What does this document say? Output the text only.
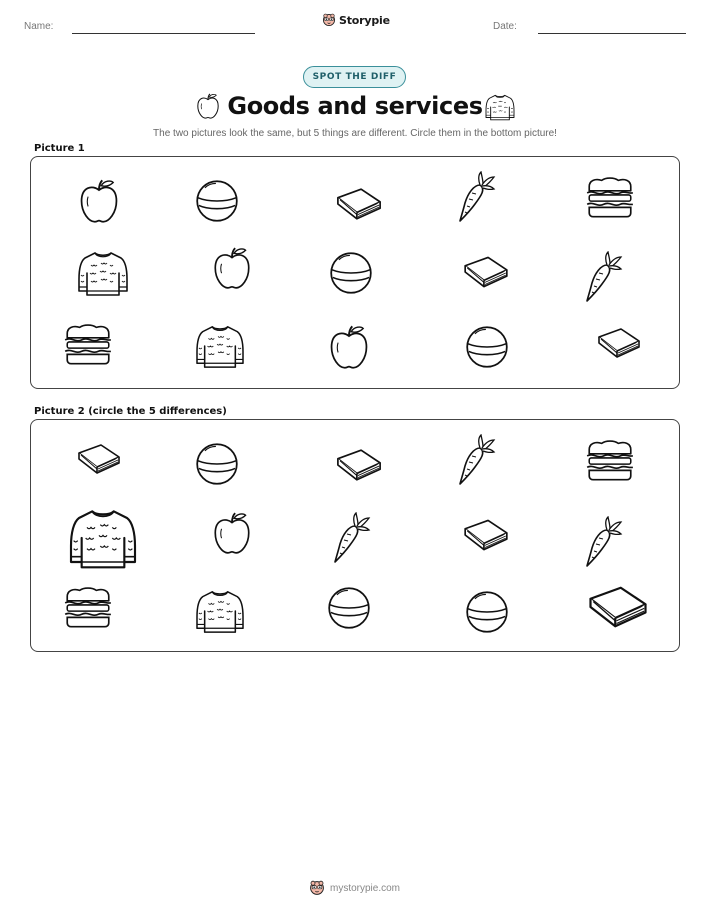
Name:	Storypie	Date:
SPOT THE DIFF
Goods and services
The two pictures look the same, but 5 things are different. Circle them in the bottom picture!
Picture 1
Picture 2 (circle the 5 differences)
mystorypie.com
